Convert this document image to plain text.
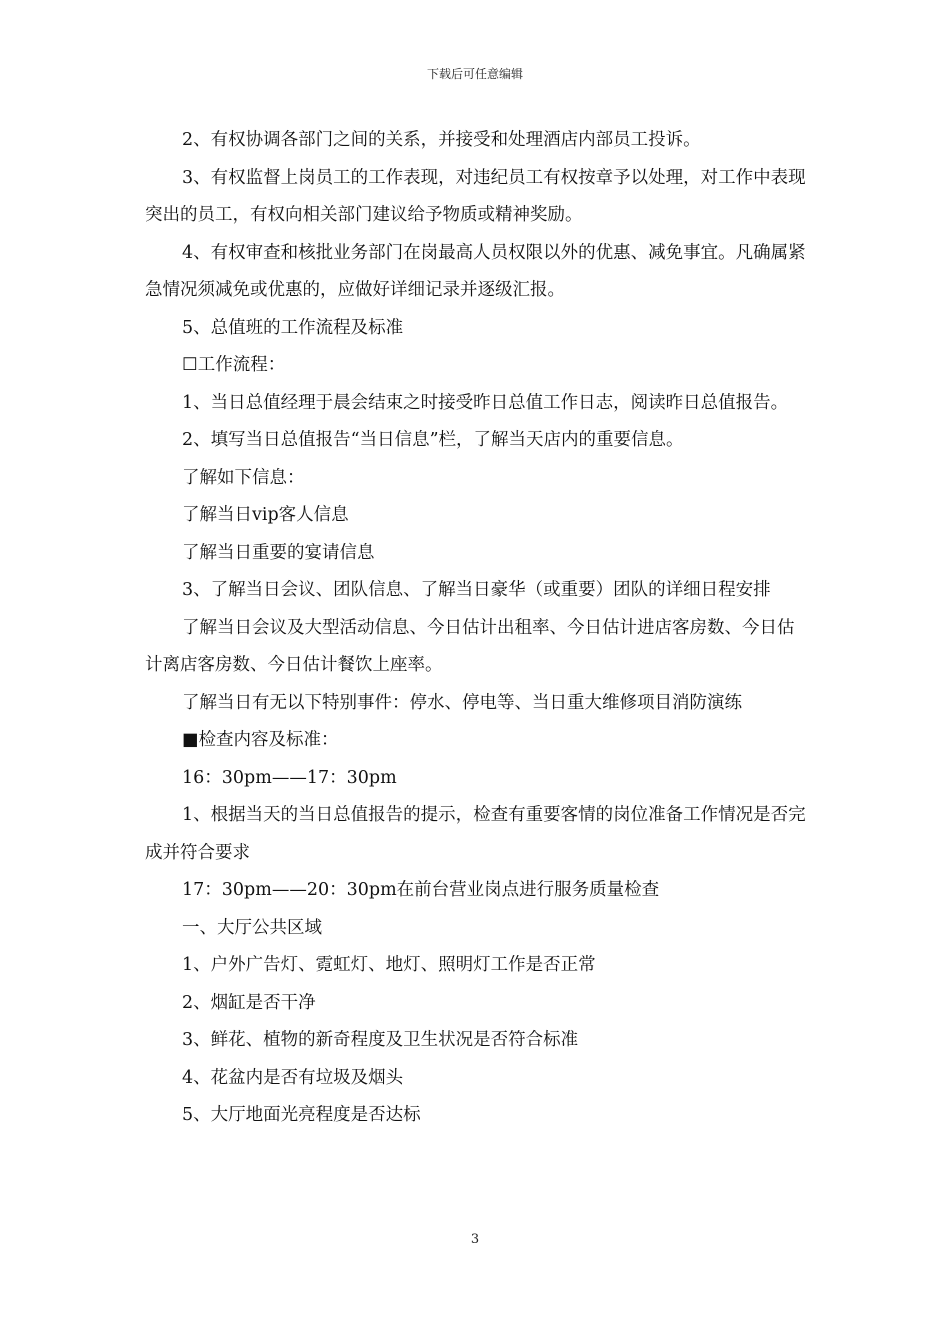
下载后可任意编辑

2、有权协调各部门之间的关系，并接受和处理酒店内部员工投诉。

3、有权监督上岗员工的工作表现，对违纪员工有权按章予以处理，对工作中表现突出的员工，有权向相关部门建议给予物质或精神奖励。

4、有权审查和核批业务部门在岗最高人员权限以外的优惠、减免事宜。凡确属紧急情况须减免或优惠的，应做好详细记录并逐级汇报。

5、总值班的工作流程及标准

☐工作流程：

1、当日总值经理于晨会结束之时接受昨日总值工作日志，阅读昨日总值报告。

2、填写当日总值报告“当日信息”栏，了解当天店内的重要信息。

了解如下信息：

了解当日vip客人信息

了解当日重要的宴请信息

3、了解当日会议、团队信息、了解当日豪华（或重要）团队的详细日程安排

了解当日会议及大型活动信息、今日估计出租率、今日估计进店客房数、今日估计离店客房数、今日估计餐饮上座率。

了解当日有无以下特别事件：停水、停电等、当日重大维修项目消防演练

■检查内容及标准：

16：30pm——17：30pm

1、根据当天的当日总值报告的提示，检查有重要客情的岗位准备工作情况是否完成并符合要求

17：30pm——20：30pm在前台营业岗点进行服务质量检查

一、大厅公共区域

1、户外广告灯、霓虹灯、地灯、照明灯工作是否正常

2、烟缸是否干净

3、鲜花、植物的新奇程度及卫生状况是否符合标准

4、花盆内是否有垃圾及烟头

5、大厅地面光亮程度是否达标

3
